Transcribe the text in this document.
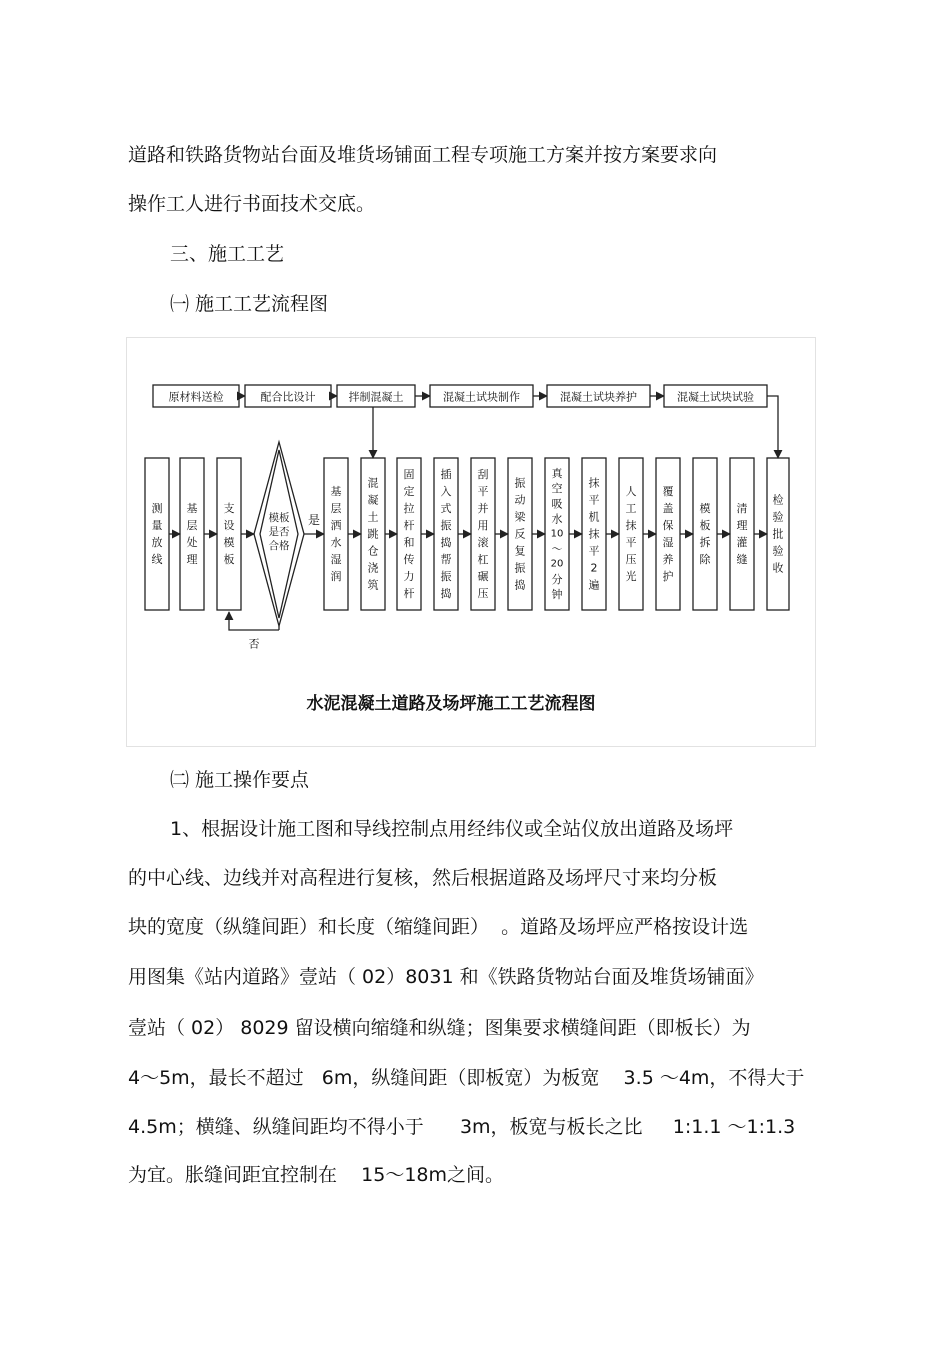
道路和铁路货物站台面及堆货场铺面工程专项施工方案并按方案要求向
操作工人进行书面技术交底。
三、施工工艺
㈠ 施工工艺流程图
原材料送检	配合比设计	拌制混凝土	混凝土试块制作	混凝土试块养护	混凝土试块试验
测
量
放
线
基
层
处
理
支
设
模
板
模板
是否
合格
是
否
基
层
洒
水
湿
润
混
凝
土
跳
仓
浇
筑
固
定
拉
杆
和
传
力
杆
插
入
式
振
捣
帮
振
捣
刮
平
并
用
滚
杠
碾
压
振
动
梁
反
复
振
捣
真
空
吸
水
10
～
20
分
钟
抹
平
机
抹
平
2
遍
人
工
抹
平
压
光
覆
盖
保
湿
养
护
模
板
拆
除
清
理
灌
缝
检
验
批
验
收
水泥混凝土道路及场坪施工工艺流程图
㈡ 施工操作要点
1、根据设计施工图和导线控制点用经纬仪或全站仪放出道路及场坪
的中心线、边线并对高程进行复核，然后根据道路及场坪尺寸来均分板
块的宽度（纵缝间距）和长度（缩缝间距）  。道路及场坪应严格按设计选
用图集《站内道路》壹站（ 02）8031 和《铁路货物站台面及堆货场铺面》
壹站（ 02） 8029 留设横向缩缝和纵缝；图集要求横缝间距（即板长）为
4～5m，最长不超过   6m，纵缝间距（即板宽）为板宽    3.5 ～4m，不得大于
4.5m；横缝、纵缝间距均不得小于      3m，板宽与板长之比     1:1.1 ～1:1.3
为宜。胀缝间距宜控制在    15～18m之间。
